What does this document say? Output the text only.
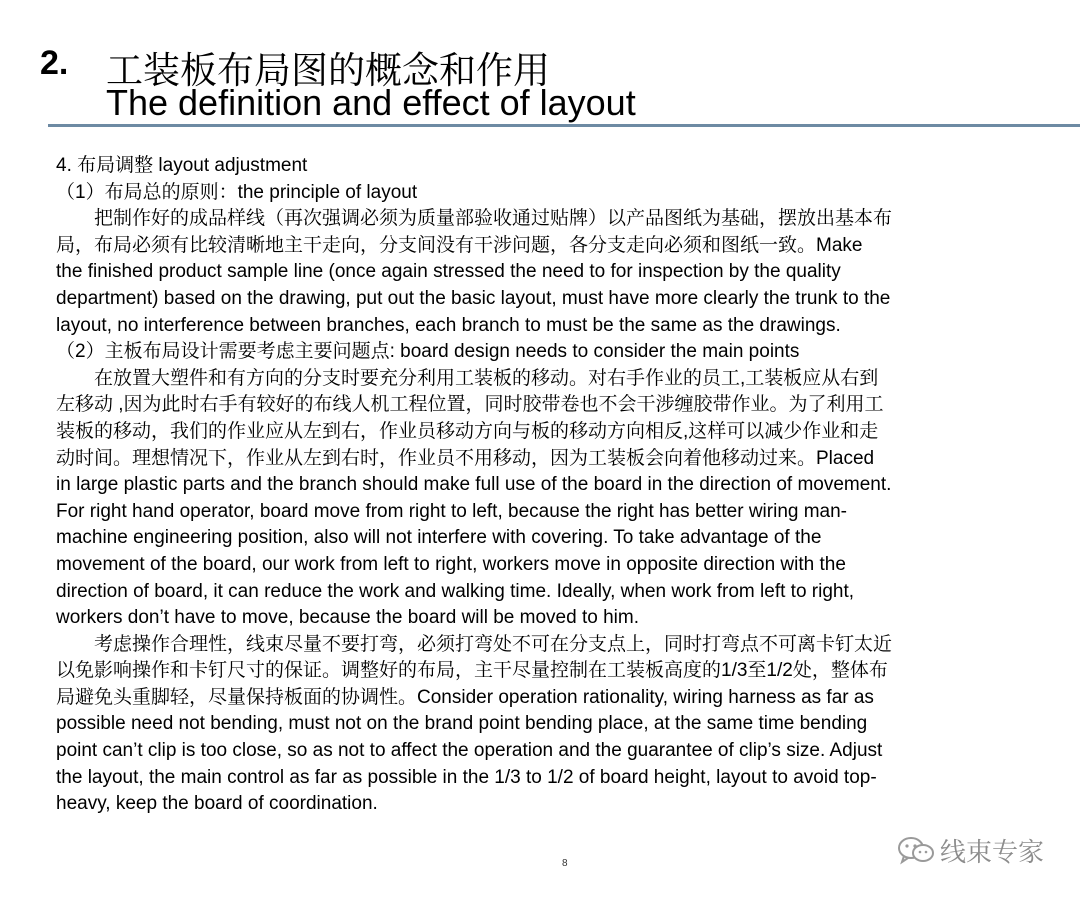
2. 工装板布局图的概念和作用
The definition and effect of layout
4. 布局调整 layout adjustment
（1）布局总的原则：the principle of layout
　　把制作好的成品样线（再次强调必须为质量部验收通过贴牌）以产品图纸为基础，摆放出基本布
局，布局必须有比较清晰地主干走向，分支间没有干涉问题，各分支走向必须和图纸一致。Make
the finished product sample line (once again stressed the need to for inspection by the quality
department) based on the drawing, put out the basic layout, must have more clearly the trunk to the
layout, no interference between branches, each branch to must be the same as the drawings.
（2）主板布局设计需要考虑主要问题点: board design needs to consider the main points
　　在放置大塑件和有方向的分支时要充分利用工装板的移动。对右手作业的员工,工装板应从右到
左移动 ,因为此时右手有较好的布线人机工程位置，同时胶带卷也不会干涉缠胶带作业。为了利用工
装板的移动，我们的作业应从左到右，作业员移动方向与板的移动方向相反,这样可以减少作业和走
动时间。理想情况下，作业从左到右时，作业员不用移动，因为工装板会向着他移动过来。Placed
in large plastic parts and the branch should make full use of the board in the direction of movement.
For right hand operator, board move from right to left, because the right has better wiring man-
machine engineering position, also will not interfere with covering. To take advantage of the
movement of the board, our work from left to right, workers move in opposite direction with the
direction of board, it can reduce the work and walking time. Ideally, when work from left to right,
workers don’t have to move, because the board will be moved to him.
　　考虑操作合理性，线束尽量不要打弯，必须打弯处不可在分支点上，同时打弯点不可离卡钉太近
以免影响操作和卡钉尺寸的保证。调整好的布局，主干尽量控制在工装板高度的1/3至1/2处，整体布
局避免头重脚轻，尽量保持板面的协调性。Consider operation rationality, wiring harness as far as
possible need not bending, must not on the brand point bending place, at the same time bending
point can’t clip is too close, so as not to affect the operation and the guarantee of clip’s size. Adjust
the layout, the main control as far as possible in the 1/3 to 1/2 of board height, layout to avoid top-
heavy, keep the board of coordination.
8	线束专家
